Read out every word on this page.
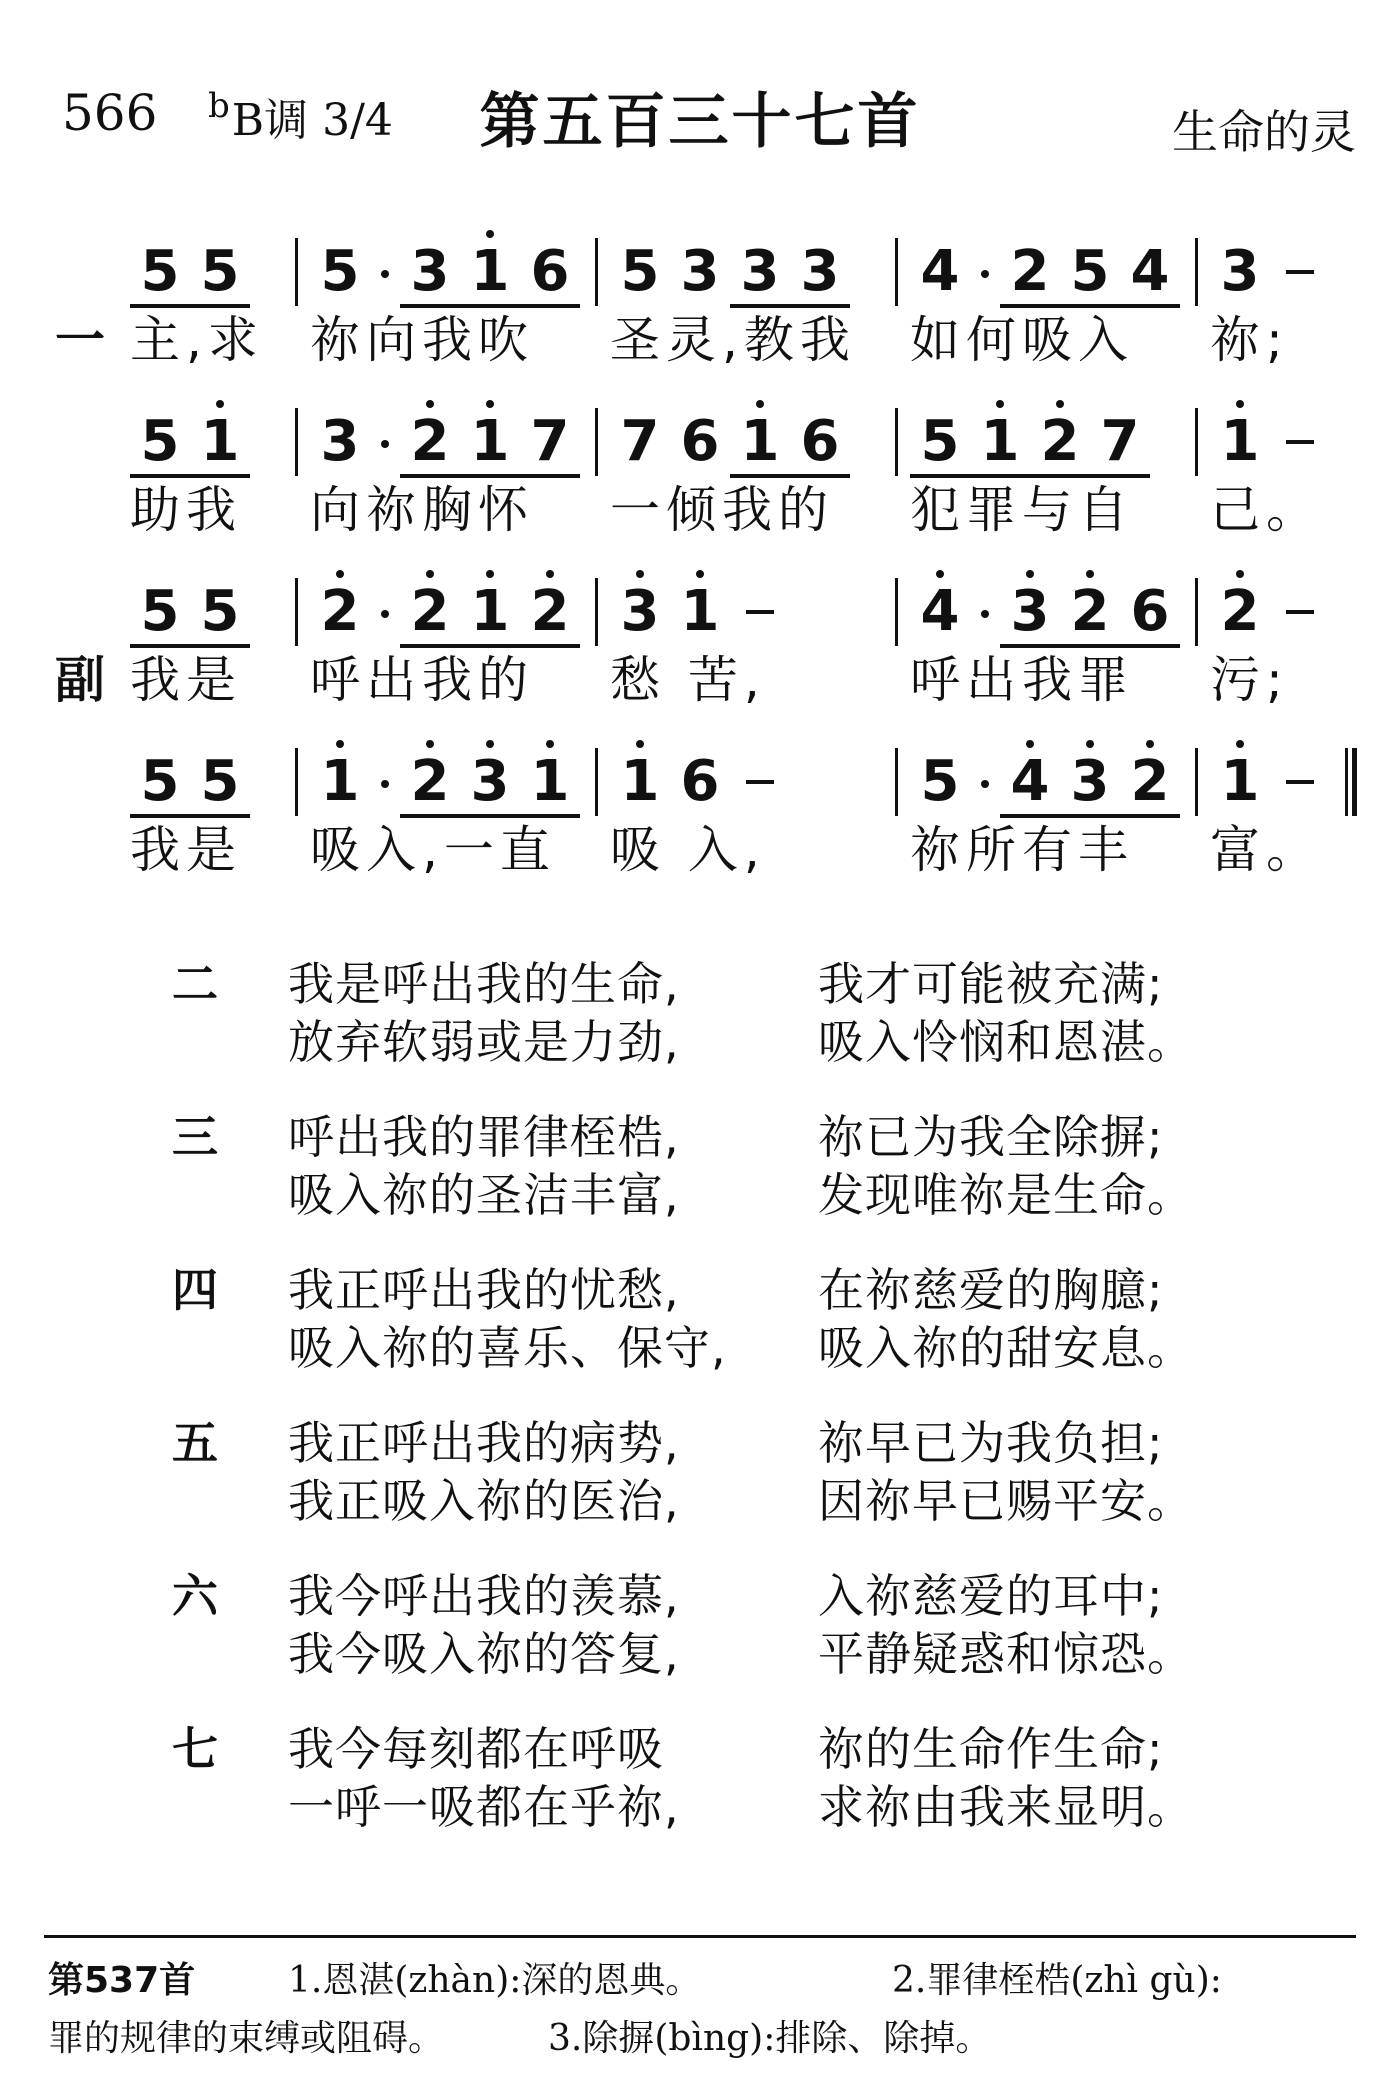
566 $^b$B调 3/4	第五百三十七首	生命的灵
5 5 5 3 1 6 5 3 3 3 4 2 5 4 3
主,求 祢向我吹 圣灵,教我 如何吸入 祢;
一
5 1 3 2 1 7 7 6 1 6 5 1 2 7 1
助我 向祢胸怀 一倾我的 犯罪与自 己。
5 5 2 2 1 2 3 1	4 3 2 6 2
我是 呼出我的 愁 苦,	呼出我罪 污;
副
5 5 1 2 3 1 1 6	5 4 3 2 1
我是 吸入,一直 吸 入,	祢所有丰 富。
二 我是呼出我的生命,	我才可能被充满;
放弃软弱或是力劲,	吸入怜悯和恩湛。
三 呼出我的罪律桎梏,	祢已为我全除摒;
吸入祢的圣洁丰富,	发现唯祢是生命。
四 我正呼出我的忧愁,	在祢慈爱的胸臆;
吸入祢的喜乐、保守, 吸入祢的甜安息。
五 我正呼出我的病势,	祢早已为我负担;
我正吸入祢的医治,	因祢早已赐平安。
六 我今呼出我的羡慕,	入祢慈爱的耳中;
我今吸入祢的答复,	平静疑惑和惊恐。
七 我今每刻都在呼吸	祢的生命作生命;
一呼一吸都在乎祢,	求祢由我来显明。
第537首	1.恩湛(zhàn):深的恩典。	2.罪律桎梏(zhì gù):
罪的规律的束缚或阻碍。	3.除摒(bìng):排除、除掉。
